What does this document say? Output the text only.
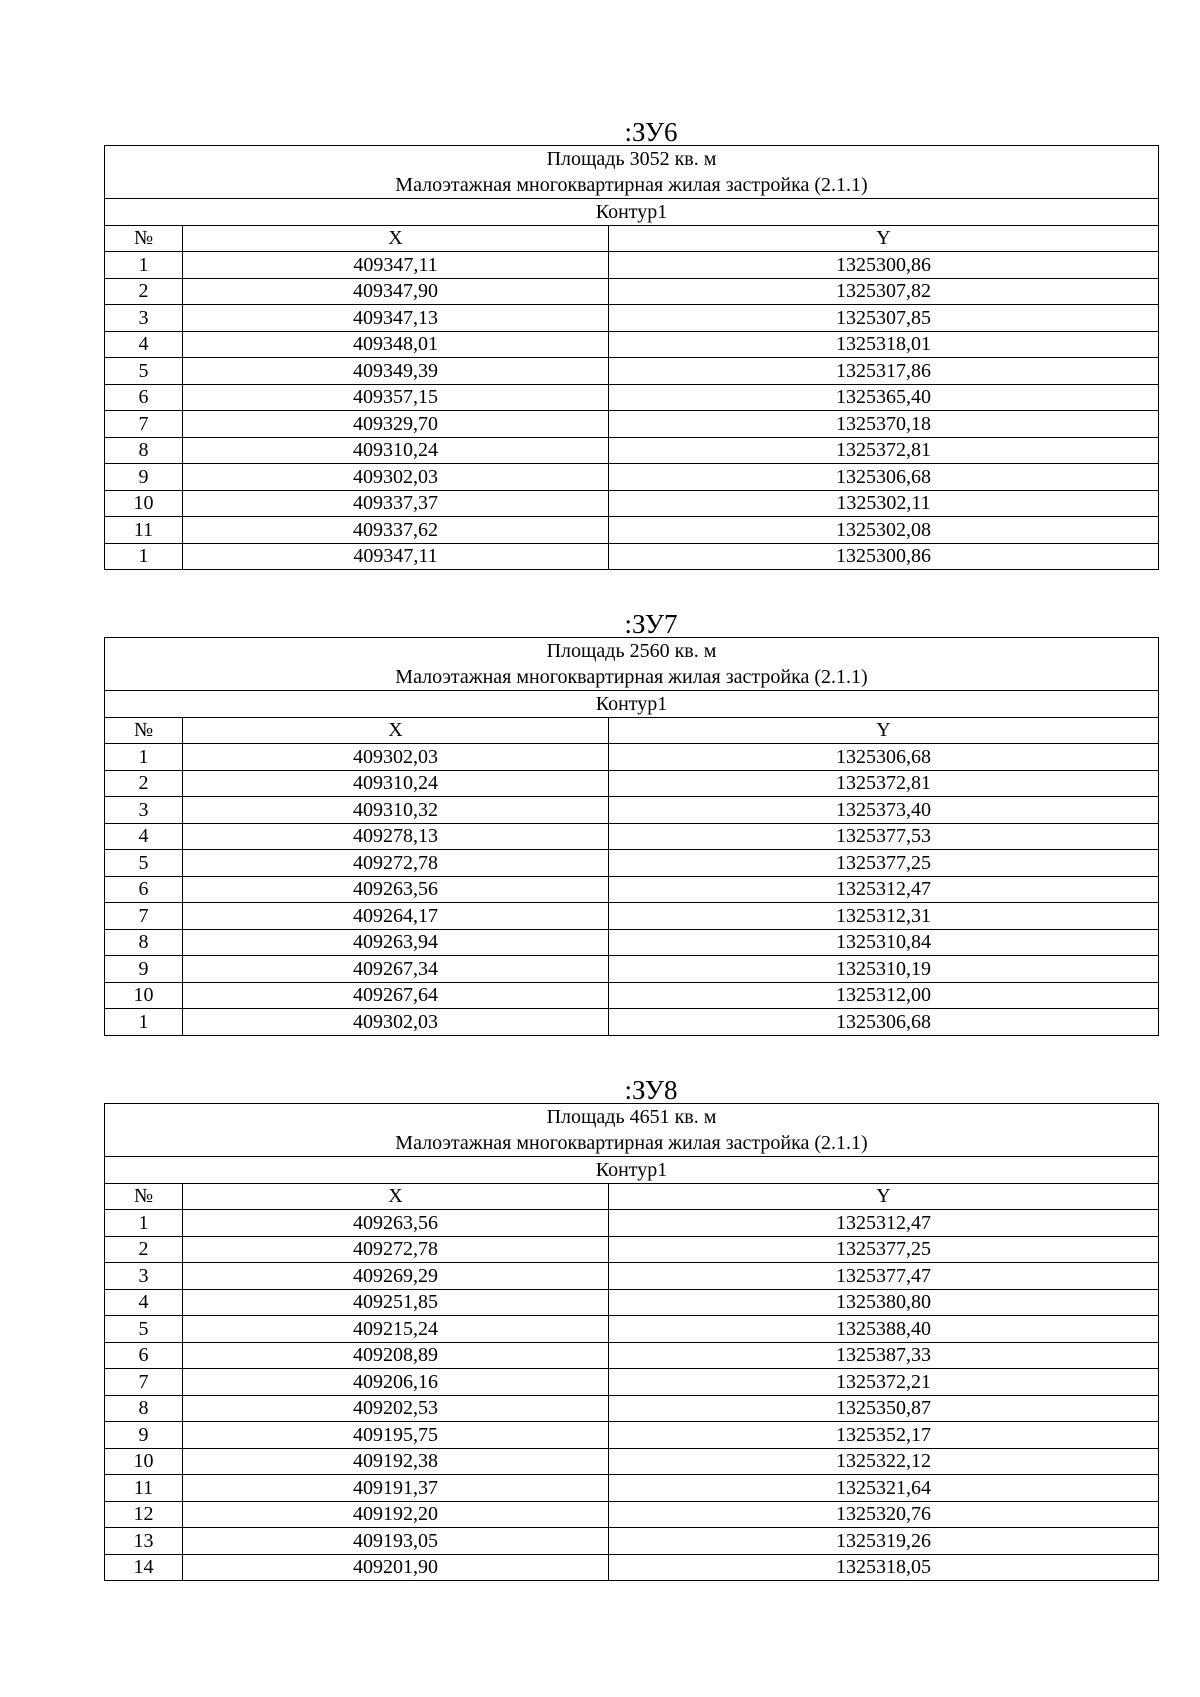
:ЗУ6
Площадь 3052 кв. м
Малоэтажная многоквартирная жилая застройка (2.1.1)		

Контур1		
№	X	Y
1	409347,11	1325300,86
2	409347,90	1325307,82
3	409347,13	1325307,85
4	409348,01	1325318,01
5	409349,39	1325317,86
6	409357,15	1325365,40
7	409329,70	1325370,18
8	409310,24	1325372,81
9	409302,03	1325306,68
10	409337,37	1325302,11
11	409337,62	1325302,08
1	409347,11	1325300,86
:ЗУ7
Площадь 2560 кв. м
Малоэтажная многоквартирная жилая застройка (2.1.1)		

Контур1		
№	X	Y
1	409302,03	1325306,68
2	409310,24	1325372,81
3	409310,32	1325373,40
4	409278,13	1325377,53
5	409272,78	1325377,25
6	409263,56	1325312,47
7	409264,17	1325312,31
8	409263,94	1325310,84
9	409267,34	1325310,19
10	409267,64	1325312,00
1	409302,03	1325306,68
:ЗУ8
Площадь 4651 кв. м
Малоэтажная многоквартирная жилая застройка (2.1.1)		

Контур1		
№	X	Y
1	409263,56	1325312,47
2	409272,78	1325377,25
3	409269,29	1325377,47
4	409251,85	1325380,80
5	409215,24	1325388,40
6	409208,89	1325387,33
7	409206,16	1325372,21
8	409202,53	1325350,87
9	409195,75	1325352,17
10	409192,38	1325322,12
11	409191,37	1325321,64
12	409192,20	1325320,76
13	409193,05	1325319,26
14	409201,90	1325318,05
